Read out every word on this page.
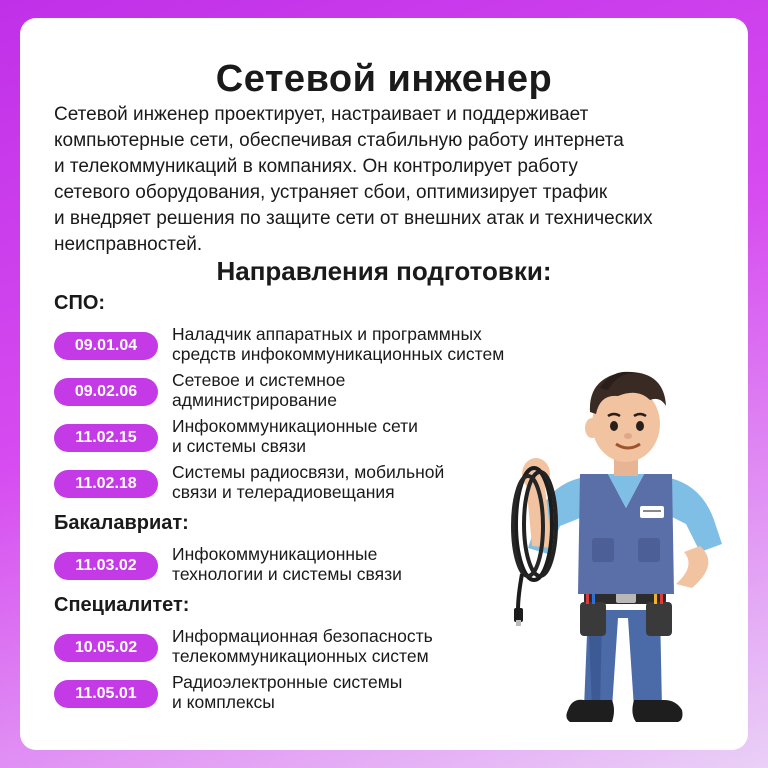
Сетевой инженер
Сетевой инженер проектирует, настраивает и поддерживает
компьютерные сети, обеспечивая стабильную работу интернета
и телекоммуникаций в компаниях. Он контролирует работу
сетевого оборудования, устраняет сбои, оптимизирует трафик
и внедряет решения по защите сети от внешних атак и технических
неисправностей.
Направления подготовки:
СПО:
09.01.04
Наладчик аппаратных и программных
средств инфокоммуникационных систем
09.02.06
Сетевое и системное
администрирование
11.02.15
Инфокоммуникационные сети
и системы связи
11.02.18
Системы радиосвязи, мобильной
связи и телерадиовещания
Бакалавриат:
11.03.02
Инфокоммуникационные
технологии и системы связи
Специалитет:
10.05.02
Информационная безопасность
телекоммуникационных систем
11.05.01
Радиоэлектронные системы
и комплексы
